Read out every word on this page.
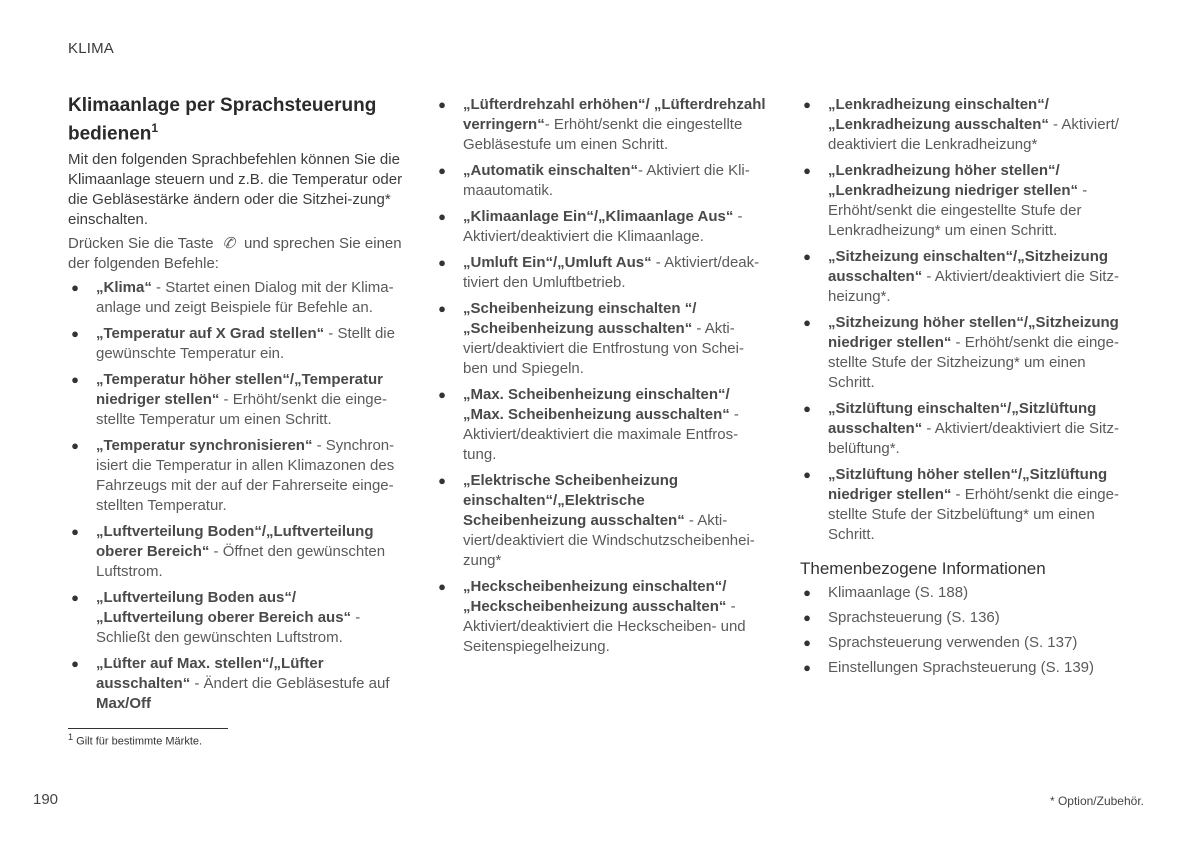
KLIMA
Klimaanlage per Sprachsteuerung bedienen$^1$

Mit den folgenden Sprachbefehlen können Sie die Klimaanlage steuern und z.B. die Temperatur oder die Gebläsestärke ändern oder die Sitzhei-zung* einschalten.

Drücken Sie die Taste ✆ und sprechen Sie einen der folgenden Befehle:

● „Klima“ - Startet einen Dialog mit der Klima-anlage und zeigt Beispiele für Befehle an.
● „Temperatur auf X Grad stellen“ - Stellt die gewünschte Temperatur ein.
● „Temperatur höher stellen“/„Temperatur niedriger stellen“ - Erhöht/senkt die einge-stellte Temperatur um einen Schritt.
● „Temperatur synchronisieren“ - Synchron-isiert die Temperatur in allen Klimazonen des Fahrzeugs mit der auf der Fahrerseite einge-stellten Temperatur.
● „Luftverteilung Boden“/„Luftverteilung oberer Bereich“ - Öffnet den gewünschten Luftstrom.
● „Luftverteilung Boden aus“/ „Luftverteilung oberer Bereich aus“ - Schließt den gewünschten Luftstrom.
● „Lüfter auf Max. stellen“/„Lüfter ausschalten“ - Ändert die Gebläsestufe auf Max/Off
● „Lüfterdrehzahl erhöhen“/ „Lüfterdrehzahl verringern“- Erhöht/senkt die eingestellte Gebläsestufe um einen Schritt.
● „Automatik einschalten“- Aktiviert die Kli-maautomatik.
● „Klimaanlage Ein“/„Klimaanlage Aus“ - Aktiviert/deaktiviert die Klimaanlage.
● „Umluft Ein“/„Umluft Aus“ - Aktiviert/deak-tiviert den Umluftbetrieb.
● „Scheibenheizung einschalten “/ „Scheibenheizung ausschalten“ - Akti-viert/deaktiviert die Entfrostung von Schei-ben und Spiegeln.
● „Max. Scheibenheizung einschalten“/ „Max. Scheibenheizung ausschalten“ - Aktiviert/deaktiviert die maximale Entfros-tung.
● „Elektrische Scheibenheizung einschalten“/„Elektrische Scheibenheizung ausschalten“ - Akti-viert/deaktiviert die Windschutzscheibenhei-zung*
● „Heckscheibenheizung einschalten“/ „Heckscheibenheizung ausschalten“ - Aktiviert/deaktiviert die Heckscheiben- und Seitenspiegelheizung.
● „Lenkradheizung einschalten“/ „Lenkradheizung ausschalten“ - Aktiviert/ deaktiviert die Lenkradheizung*
● „Lenkradheizung höher stellen“/ „Lenkradheizung niedriger stellen“ - Erhöht/senkt die eingestellte Stufe der Lenkradheizung* um einen Schritt.
● „Sitzheizung einschalten“/„Sitzheizung ausschalten“ - Aktiviert/deaktiviert die Sitz-heizung*.
● „Sitzheizung höher stellen“/„Sitzheizung niedriger stellen“ - Erhöht/senkt die einge-stellte Stufe der Sitzheizung* um einen Schritt.
● „Sitzlüftung einschalten“/„Sitzlüftung ausschalten“ - Aktiviert/deaktiviert die Sitz-belüftung*.
● „Sitzlüftung höher stellen“/„Sitzlüftung niedriger stellen“ - Erhöht/senkt die einge-stellte Stufe der Sitzbelüftung* um einen Schritt.
Themenbezogene Informationen
● Klimaanlage (S. 188)
● Sprachsteuerung (S. 136)
● Sprachsteuerung verwenden (S. 137)
● Einstellungen Sprachsteuerung (S. 139)
$^1$ Gilt für bestimmte Märkte.
190	* Option/Zubehör.
